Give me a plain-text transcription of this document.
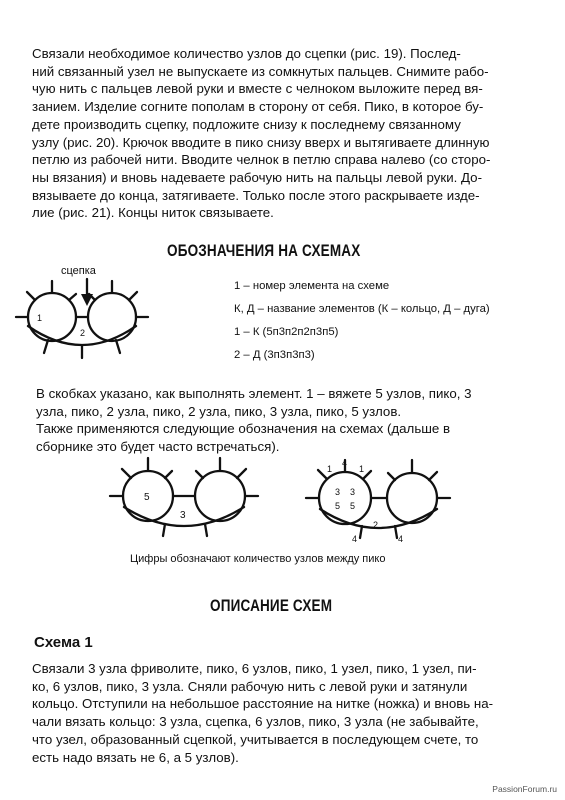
Связали необходимое количество узлов до сцепки (рис. 19). Послед-
ний связанный узел не выпускаете из сомкнутых пальцев. Снимите рабо-
чую нить с пальцев левой руки и вместе с челноком выложите перед вя-
занием. Изделие согните пополам в сторону от себя. Пико, в которое бу-
дете производить сцепку, подложите снизу к последнему связанному
узлу (рис. 20). Крючок вводите в пико снизу вверх и вытягиваете длинную
петлю из рабочей нити. Вводите челнок в петлю справа налево (со сторо-
ны вязания) и вновь надеваете рабочую нить на пальцы левой руки. До-
вязываете до конца, затягиваете. Только после этого раскрываете изде-
лие (рис. 21). Концы ниток связываете.
ОБОЗНАЧЕНИЯ НА СХЕМАХ
сцепка
1
2
5
3
1
4
1
3 3
5 5
4
2
4
1 – номер элемента на схеме
К, Д – название элементов (К – кольцо, Д – дуга)
1 – К (5п3п2п2п3п5)
2 – Д (3п3п3п3)
В скобках указано, как выполнять элемент. 1 – вяжете 5 узлов, пико, 3
узла, пико, 2 узла, пико, 2 узла, пико, 3 узла, пико, 5 узлов.
Также применяются следующие обозначения на схемах (дальше в
сборнике это будет часто встречаться).
Цифры обозначают количество узлов между пико
ОПИСАНИЕ СХЕМ
Схема 1
Связали 3 узла фриволите, пико, 6 узлов, пико, 1 узел, пико, 1 узел, пи-
ко, 6 узлов, пико, 3 узла. Сняли рабочую нить с левой руки и затянули
кольцо. Отступили на небольшое расстояние на нитке (ножка) и вновь на-
чали вязать кольцо: 3 узла, сцепка, 6 узлов, пико, 3 узла (не забывайте,
что узел, образованный сцепкой, учитывается в последующем счете, то
есть надо вязать не 6, а 5 узлов).
PassionForum.ru
